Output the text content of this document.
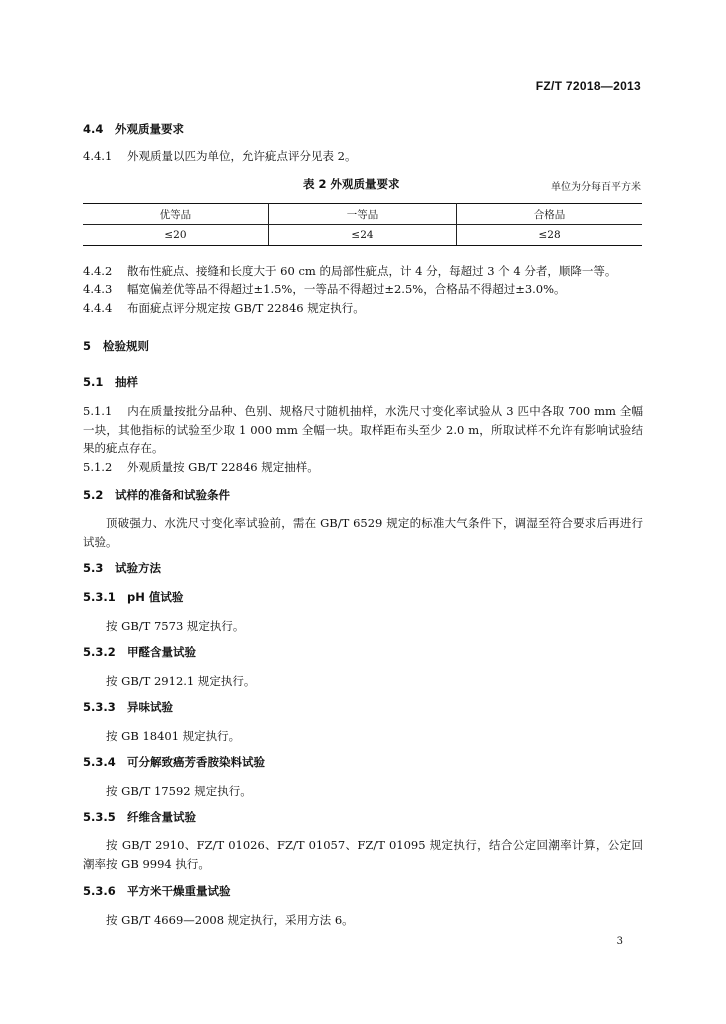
FZ/T 72018—2013
4.4 外观质量要求
4.4.1 外观质量以匹为单位，允许疵点评分见表 2。
表 2 外观质量要求	单位为分每百平方米
优等品	一等品	合格品
≤20	≤24	≤28
4.4.2 散布性疵点、接缝和长度大于 60 cm 的局部性疵点，计 4 分，每超过 3 个 4 分者，顺降一等。
4.4.3 幅宽偏差优等品不得超过±1.5%，一等品不得超过±2.5%，合格品不得超过±3.0%。
4.4.4 布面疵点评分规定按 GB/T 22846 规定执行。
5 检验规则
5.1 抽样
5.1.1 内在质量按批分品种、色别、规格尺寸随机抽样，水洗尺寸变化率试验从 3 匹中各取 700 mm 全幅一块，其他指标的试验至少取 1 000 mm 全幅一块。取样距布头至少 2.0 m，所取试样不允许有影响试验结果的疵点存在。
5.1.2 外观质量按 GB/T 22846 规定抽样。
5.2 试样的准备和试验条件
顶破强力、水洗尺寸变化率试验前，需在 GB/T 6529 规定的标准大气条件下，调湿至符合要求后再进行试验。
5.3 试验方法
5.3.1 pH 值试验
按 GB/T 7573 规定执行。
5.3.2 甲醛含量试验
按 GB/T 2912.1 规定执行。
5.3.3 异味试验
按 GB 18401 规定执行。
5.3.4 可分解致癌芳香胺染料试验
按 GB/T 17592 规定执行。
5.3.5 纤维含量试验
按 GB/T 2910、FZ/T 01026、FZ/T 01057、FZ/T 01095 规定执行，结合公定回潮率计算，公定回潮率按 GB 9994 执行。
5.3.6 平方米干燥重量试验
按 GB/T 4669—2008 规定执行，采用方法 6。
3
